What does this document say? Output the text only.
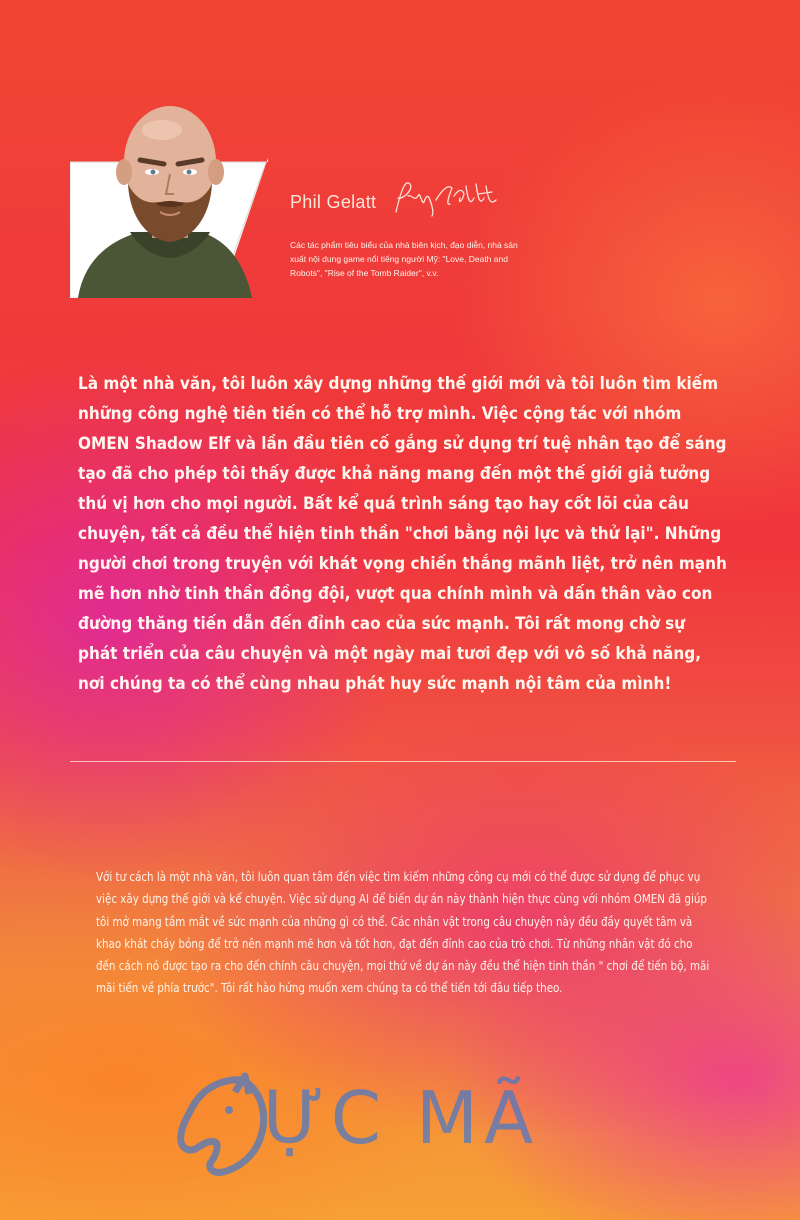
Phil Gelatt
Các tác phẩm tiêu biểu của nhà biên kịch, đạo diễn, nhà sản xuất nội dung game nổi tiếng người Mỹ: "Love, Death and Robots", "Rise of the Tomb Raider", v.v.
Là một nhà văn, tôi luôn xây dựng những thế giới mới và tôi luôn tìm kiếm những công nghệ tiên tiến có thể hỗ trợ mình. Việc cộng tác với nhóm OMEN Shadow Elf và lần đầu tiên cố gắng sử dụng trí tuệ nhân tạo để sáng tạo đã cho phép tôi thấy được khả năng mang đến một thế giới giả tưởng thú vị hơn cho mọi người. Bất kể quá trình sáng tạo hay cốt lõi của câu chuyện, tất cả đều thể hiện tinh thần "chơi bằng nội lực và thử lại". Những người chơi trong truyện với khát vọng chiến thắng mãnh liệt, trở nên mạnh mẽ hơn nhờ tinh thần đồng đội, vượt qua chính mình và dấn thân vào con đường thăng tiến dẫn đến đỉnh cao của sức mạnh. Tôi rất mong chờ sự phát triển của câu chuyện và một ngày mai tươi đẹp với vô số khả năng, nơi chúng ta có thể cùng nhau phát huy sức mạnh nội tâm của mình!
Với tư cách là một nhà văn, tôi luôn quan tâm đến việc tìm kiếm những công cụ mới có thể được sử dụng để phục vụ việc xây dựng thế giới và kể chuyện. Việc sử dụng AI để biến dự án này thành hiện thực cùng với nhóm OMEN đã giúp tôi mở mang tầm mắt về sức mạnh của những gì có thể. Các nhân vật trong câu chuyện này đều đầy quyết tâm và khao khát cháy bỏng để trở nên mạnh mẽ hơn và tốt hơn, đạt đến đỉnh cao của trò chơi. Từ những nhân vật đó cho đến cách nó được tạo ra cho đến chính câu chuyện, mọi thứ về dự án này đều thể hiện tinh thần " chơi để tiến bộ, mãi mãi tiến về phía trước". Tôi rất hào hứng muốn xem chúng ta có thể tiến tới đâu tiếp theo.
ỰC MÃ
